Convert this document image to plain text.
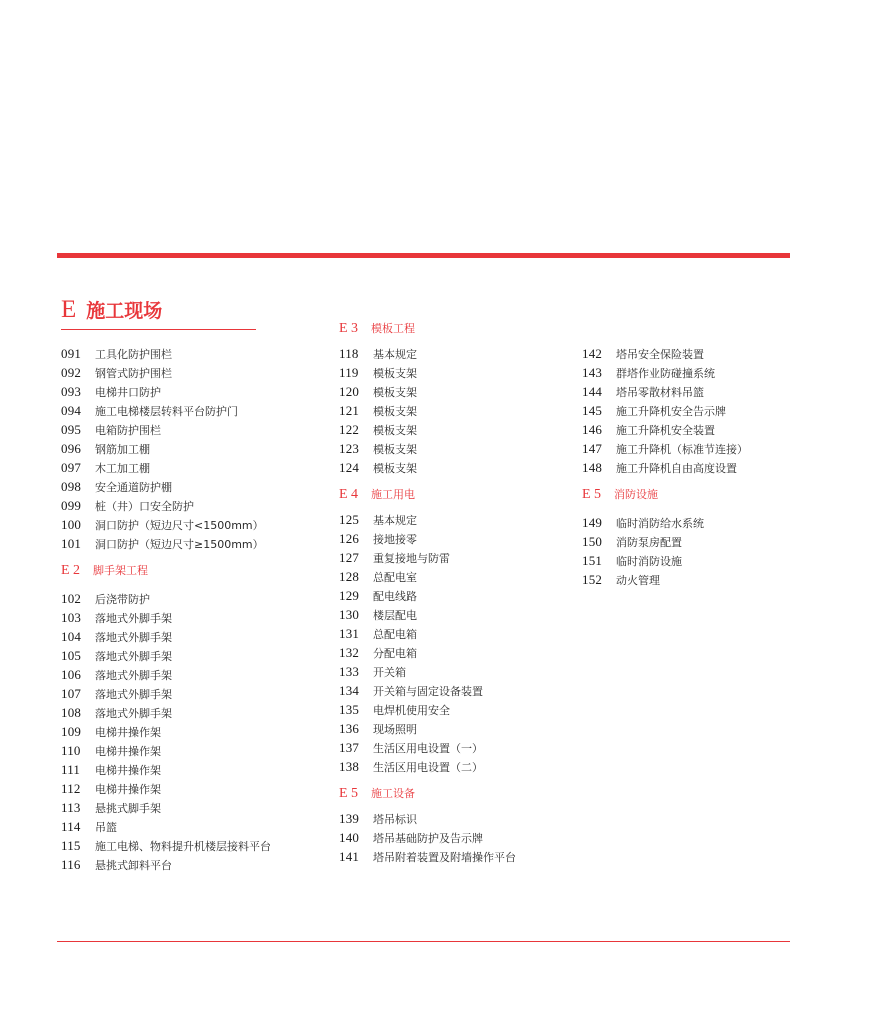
E 施工现场
091 工具化防护围栏
092 钢管式防护围栏
093 电梯井口防护
094 施工电梯楼层转料平台防护门
095 电箱防护围栏
096 钢筋加工棚
097 木工加工棚
098 安全通道防护棚
099 桩（井）口安全防护
100 洞口防护（短边尺寸<1500mm）
101 洞口防护（短边尺寸≥1500mm）
E 2 脚手架工程
102 后浇带防护
103 落地式外脚手架
104 落地式外脚手架
105 落地式外脚手架
106 落地式外脚手架
107 落地式外脚手架
108 落地式外脚手架
109 电梯井操作架
110 电梯井操作架
111 电梯井操作架
112 电梯井操作架
113 悬挑式脚手架
114 吊篮
115 施工电梯、物料提升机楼层接料平台
116 悬挑式卸料平台
E 3 模板工程
118 基本规定
119 模板支架
120 模板支架
121 模板支架
122 模板支架
123 模板支架
124 模板支架
E 4 施工用电
125 基本规定
126 接地接零
127 重复接地与防雷
128 总配电室
129 配电线路
130 楼层配电
131 总配电箱
132 分配电箱
133 开关箱
134 开关箱与固定设备装置
135 电焊机使用安全
136 现场照明
137 生活区用电设置（一）
138 生活区用电设置（二）
E 5 施工设备
139 塔吊标识
140 塔吊基础防护及告示牌
141 塔吊附着装置及附墙操作平台
142 塔吊安全保险装置
143 群塔作业防碰撞系统
144 塔吊零散材料吊篮
145 施工升降机安全告示牌
146 施工升降机安全装置
147 施工升降机（标准节连接）
148 施工升降机自由高度设置
E 5 消防设施
149 临时消防给水系统
150 消防泵房配置
151 临时消防设施
152 动火管理
